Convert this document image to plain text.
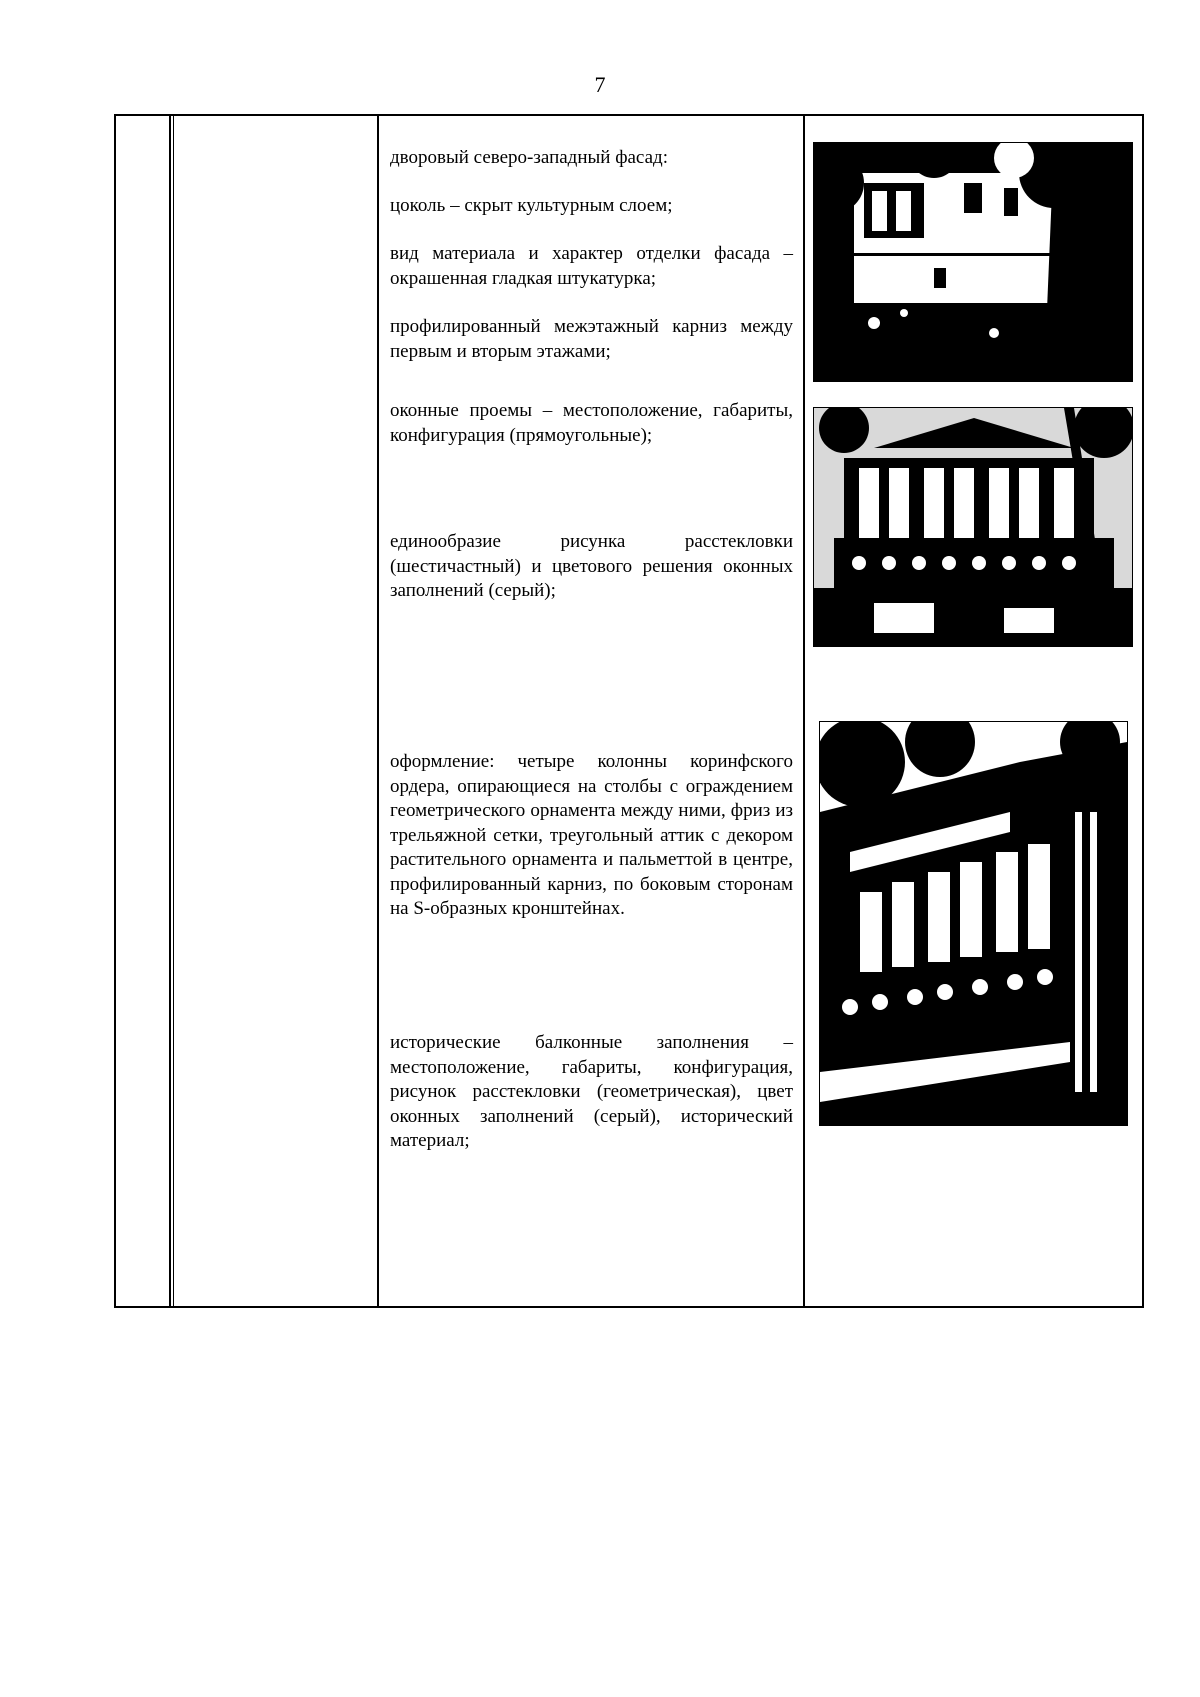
7

дворовый северо-западный фасад:

цоколь – скрыт культурным слоем;

вид материала и характер отделки фасада – окрашенная гладкая штукатурка;

профилированный межэтажный карниз между первым и вторым этажами;

оконные проемы – местоположение, габариты, конфигурация (прямоугольные);

единообразие рисунка расстекловки (шестичастный) и цветового решения оконных заполнений (серый);

оформление: четыре колонны коринфского ордера, опирающиеся на столбы с ограждением геометрического орнамента между ними, фриз из трельяжной сетки, треугольный аттик с декором растительного орнамента и пальметтой в центре, профилированный карниз, по боковым сторонам на S-образных кронштейнах.

исторические балконные заполнения – местоположение, габариты, конфигурация, рисунок расстекловки (геометрическая), цвет оконных заполнений (серый), исторический материал;
